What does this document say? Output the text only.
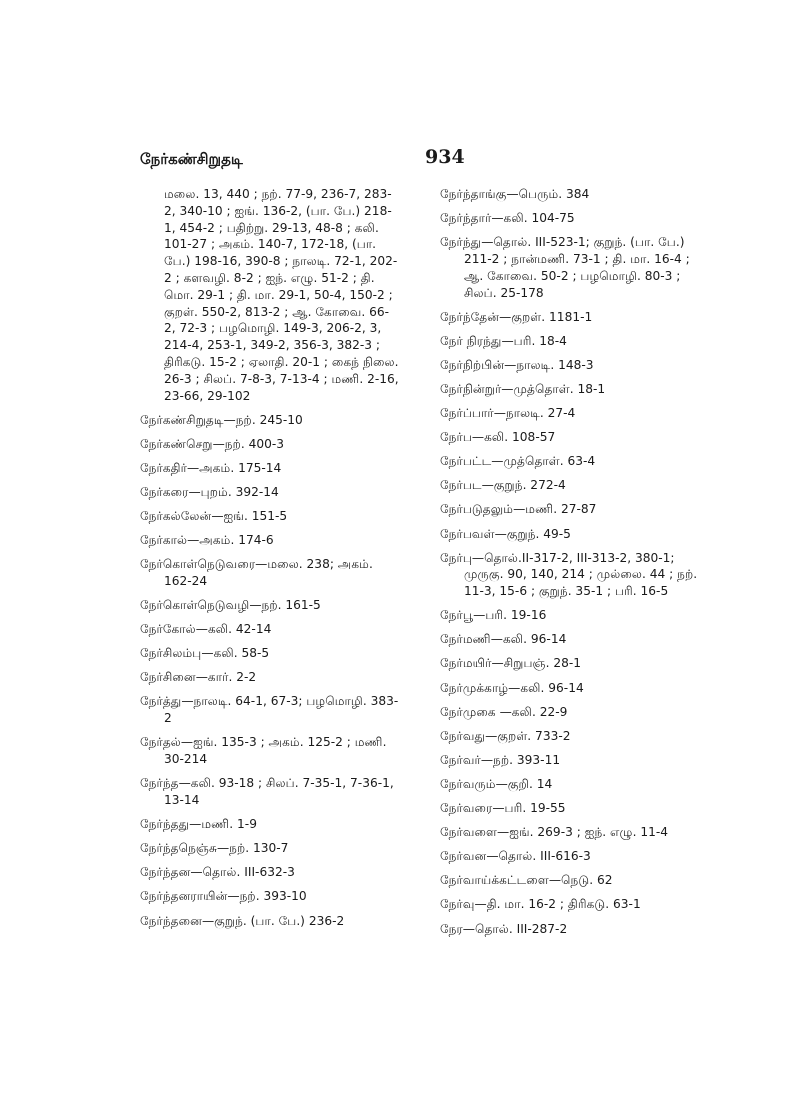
நேர்கண்சிறுதடி	934

மலை. 13, 440 ; நற். 77-9, 236-7, 283-2, 340-10 ; ஐங். 136-2, (பா. பே.) 218-1, 454-2 ; பதிற்று. 29-13, 48-8 ; கலி. 101-27 ; அகம். 140-7, 172-18, (பா. பே.) 198-16, 390-8 ; நாலடி. 72-1, 202-2 ; களவழி. 8-2 ; ஐந். எழு. 51-2 ; தி. மொ. 29-1 ; தி. மா. 29-1, 50-4, 150-2 ; குறள். 550-2, 813-2 ; ஆ. கோவை. 66-2, 72-3 ; பழமொழி. 149-3, 206-2, 3, 214-4, 253-1, 349-2, 356-3, 382-3 ; திரிகடு. 15-2 ; ஏலாதி. 20-1 ; கைந் நிலை. 26-3 ; சிலப். 7-8-3, 7-13-4 ; மணி. 2-16, 23-66, 29-102

நேர்கண்சிறுதடி—நற். 245-10

நேர்கண்செறு—நற். 400-3

நேர்கதிர்—அகம். 175-14

நேர்கரை—புறம். 392-14

நேர்கல்லேன்—ஐங். 151-5

நேர்கால்—அகம். 174-6

நேர்கொள்நெடுவரை—மலை. 238; அகம். 162-24

நேர்கொள்நெடுவழி—நற். 161-5

நேர்கோல்—கலி. 42-14

நேர்சிலம்பு—கலி. 58-5

நேர்சினை—கார். 2-2

நேர்த்து—நாலடி. 64-1, 67-3; பழமொழி. 383-2

நேர்தல்—ஐங். 135-3 ; அகம். 125-2 ; மணி. 30-214

நேர்ந்த—கலி. 93-18 ; சிலப். 7-35-1, 7-36-1, 13-14

நேர்ந்தது—மணி. 1-9

நேர்ந்தநெஞ்சு—நற். 130-7

நேர்ந்தன—தொல். III-632-3

நேர்ந்தனராயின்—நற். 393-10

நேர்ந்தனை—குறுந். (பா. பே.) 236-2

நேர்ந்தாங்கு—பெரும். 384

நேர்ந்தார்—கலி. 104-75

நேர்ந்து—தொல். III-523-1; குறுந். (பா. பே.) 211-2 ; நான்மணி. 73-1 ; தி. மா. 16-4 ; ஆ. கோவை. 50-2 ; பழமொழி. 80-3 ; சிலப். 25-178

நேர்ந்தேன்—குறள். 1181-1

நேர் நிரந்து—பரி. 18-4

நேர்நிற்பின்—நாலடி. 148-3

நேர்நின்றுர்—முத்தொள். 18-1

நேர்ப்பார்—நாலடி. 27-4

நேர்ப—கலி. 108-57

நேர்பட்ட—முத்தொள். 63-4

நேர்பட—குறுந். 272-4

நேர்படுதலும்—மணி. 27-87

நேர்பவள்—குறுந். 49-5

நேர்பு—தொல்.II-317-2, III-313-2, 380-1; முருகு. 90, 140, 214 ; முல்லை. 44 ; நற். 11-3, 15-6 ; குறுந். 35-1 ; பரி. 16-5

நேர்பூ—பரி. 19-16

நேர்மணி—கலி. 96-14

நேர்மயிர்—சிறுபஞ். 28-1

நேர்முக்காழ்—கலி. 96-14

நேர்முகை —கலி. 22-9

நேர்வது—குறள். 733-2

நேர்வர்—நற். 393-11

நேர்வரும்—குறி. 14

நேர்வரை—பரி. 19-55

நேர்வளை—ஐங். 269-3 ; ஐந். எழு. 11-4

நேர்வன—தொல். III-616-3

நேர்வாய்க்கட்டளை—நெடு. 62

நேர்வு—தி. மா. 16-2 ; திரிகடு. 63-1

நேர—தொல். III-287-2
